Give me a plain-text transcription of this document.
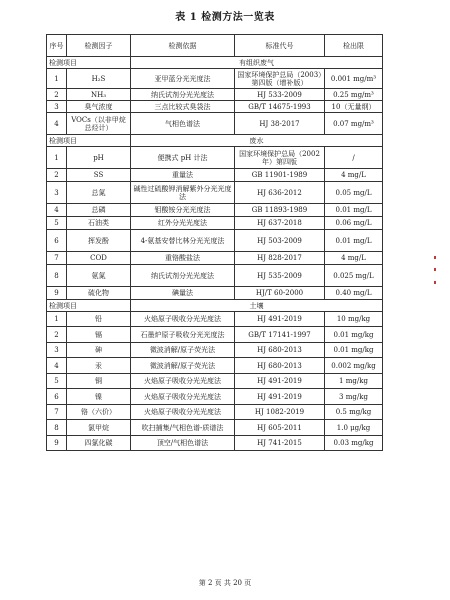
表 1 检测方法一览表
序号	检测因子	检测依据	标准代号	检出限
检测项目		有组织废气		
1	H₂S	亚甲蓝分光光度法	国家环境保护总局（2003）第四版（增补版）	0.001 mg/m³
2	NH₃	纳氏试剂分光光度法	HJ 533-2009	0.25 mg/m³
3	臭气浓度	三点比较式臭袋法	GB/T 14675-1993	10（无量纲）
4	VOCs（以非甲烷总烃计）	气相色谱法	HJ 38-2017	0.07 mg/m³
检测项目		废水		
1	pH	便携式 pH 计法	国家环境保护总局（2002 年）第四版	/
2	SS	重量法	GB 11901-1989	4 mg/L
3	总氮	碱性过硫酸钾消解紫外分光光度法	HJ 636-2012	0.05 mg/L
4	总磷	钼酸铵分光光度法	GB 11893-1989	0.01 mg/L
5	石油类	红外分光光度法	HJ 637-2018	0.06 mg/L
6	挥发酚	4-氨基安替比林分光光度法	HJ 503-2009	0.01 mg/L
7	COD	重铬酸盐法	HJ 828-2017	4 mg/L
8	氨氮	纳氏试剂分光光度法	HJ 535-2009	0.025 mg/L
9	硫化物	碘量法	HJ/T 60-2000	0.40 mg/L
检测项目		土壤		
1	铅	火焰原子吸收分光光度法	HJ 491-2019	10 mg/kg
2	镉	石墨炉原子吸收分光光度法	GB/T 17141-1997	0.01 mg/kg
3	砷	微波消解/原子荧光法	HJ 680-2013	0.01 mg/kg
4	汞	微波消解/原子荧光法	HJ 680-2013	0.002 mg/kg
5	铜	火焰原子吸收分光光度法	HJ 491-2019	1 mg/kg
6	镍	火焰原子吸收分光光度法	HJ 491-2019	3 mg/kg
7	铬（六价）	火焰原子吸收分光光度法	HJ 1082-2019	0.5 mg/kg
8	氯甲烷	吹扫捕集/气相色谱-质谱法	HJ 605-2011	1.0 μg/kg
9	四氯化碳	顶空/气相色谱法	HJ 741-2015	0.03 mg/kg
第 2 页 共 20 页
